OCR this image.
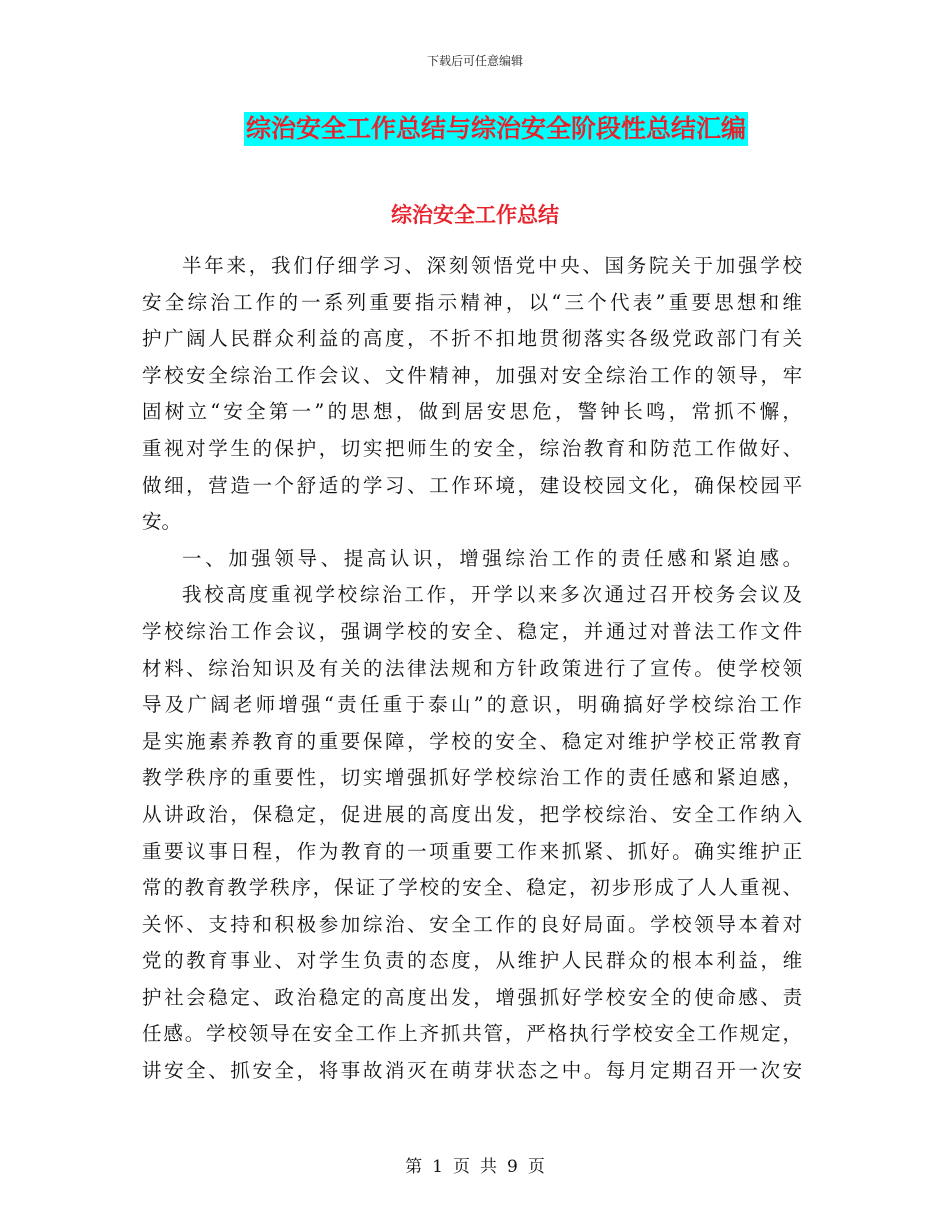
下载后可任意编辑
综治安全工作总结与综治安全阶段性总结汇编
综治安全工作总结
半年来，我们仔细学习、深刻领悟党中央、国务院关于加强学校
安全综治工作的一系列重要指示精神，以“三个代表”重要思想和维
护广阔人民群众利益的高度，不折不扣地贯彻落实各级党政部门有关
学校安全综治工作会议、文件精神，加强对安全综治工作的领导，牢
固树立“安全第一”的思想，做到居安思危，警钟长鸣，常抓不懈，
重视对学生的保护，切实把师生的安全，综治教育和防范工作做好、
做细，营造一个舒适的学习、工作环境，建设校园文化，确保校园平
安。
一、加强领导、提高认识，增强综治工作的责任感和紧迫感。
我校高度重视学校综治工作，开学以来多次通过召开校务会议及
学校综治工作会议，强调学校的安全、稳定，并通过对普法工作文件
材料、综治知识及有关的法律法规和方针政策进行了宣传。使学校领
导及广阔老师增强“责任重于泰山”的意识，明确搞好学校综治工作
是实施素养教育的重要保障，学校的安全、稳定对维护学校正常教育
教学秩序的重要性，切实增强抓好学校综治工作的责任感和紧迫感，
从讲政治，保稳定，促进展的高度出发，把学校综治、安全工作纳入
重要议事日程，作为教育的一项重要工作来抓紧、抓好。确实维护正
常的教育教学秩序，保证了学校的安全、稳定，初步形成了人人重视、
关怀、支持和积极参加综治、安全工作的良好局面。学校领导本着对
党的教育事业、对学生负责的态度，从维护人民群众的根本利益，维
护社会稳定、政治稳定的高度出发，增强抓好学校安全的使命感、责
任感。学校领导在安全工作上齐抓共管，严格执行学校安全工作规定，
讲安全、抓安全，将事故消灭在萌芽状态之中。每月定期召开一次安
第 1 页 共 9 页
